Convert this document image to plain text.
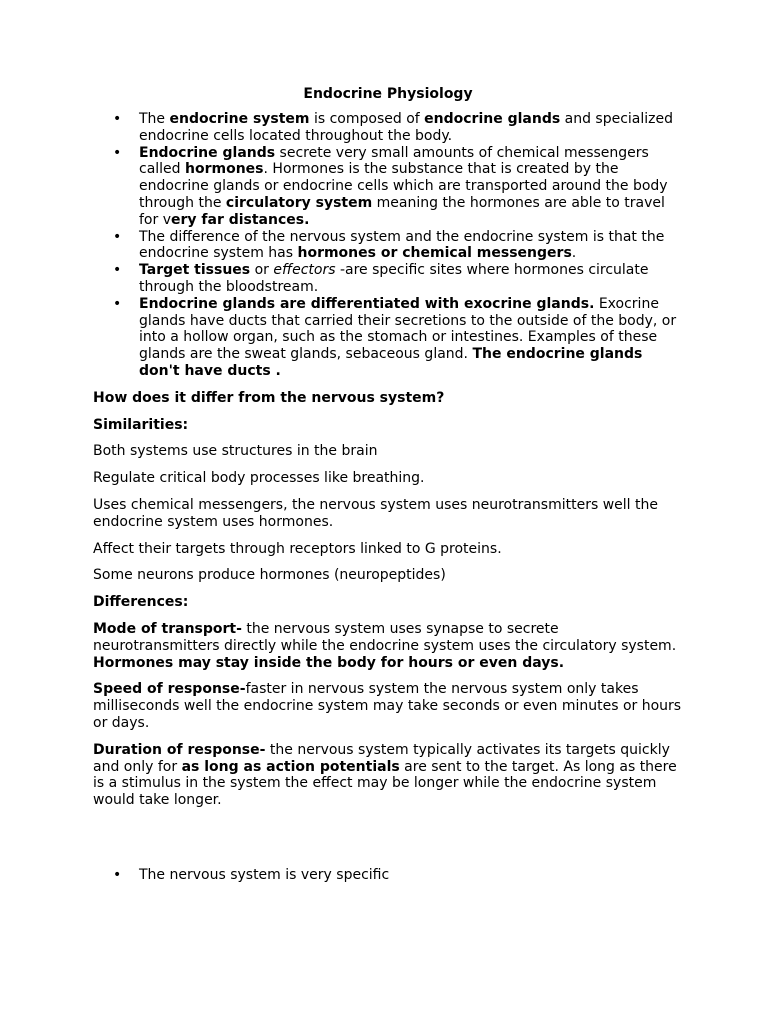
Endocrine Physiology
• The endocrine system is composed of endocrine glands and specialized endocrine cells located throughout the body.
• Endocrine glands secrete very small amounts of chemical messengers called hormones. Hormones is the substance that is created by the endocrine glands or endocrine cells which are transported around the body through the circulatory system meaning the hormones are able to travel for very far distances.
• The difference of the nervous system and the endocrine system is that the endocrine system has hormones or chemical messengers.
• Target tissues or effectors -are specific sites where hormones circulate through the bloodstream.
• Endocrine glands are differentiated with exocrine glands. Exocrine glands have ducts that carried their secretions to the outside of the body, or into a hollow organ, such as the stomach or intestines. Examples of these glands are the sweat glands, sebaceous gland. The endocrine glands don't have ducts .

How does it differ from the nervous system?

Similarities:

Both systems use structures in the brain

Regulate critical body processes like breathing.

Uses chemical messengers, the nervous system uses neurotransmitters well the endocrine system uses hormones.

Affect their targets through receptors linked to G proteins.

Some neurons produce hormones (neuropeptides)

Differences:

Mode of transport- the nervous system uses synapse to secrete neurotransmitters directly while the endocrine system uses the circulatory system. Hormones may stay inside the body for hours or even days.

Speed of response-faster in nervous system the nervous system only takes milliseconds well the endocrine system may take seconds or even minutes or hours or days.

Duration of response- the nervous system typically activates its targets quickly and only for as long as action potentials are sent to the target. As long as there is a stimulus in the system the effect may be longer while the endocrine system would take longer.

• The nervous system is very specific
